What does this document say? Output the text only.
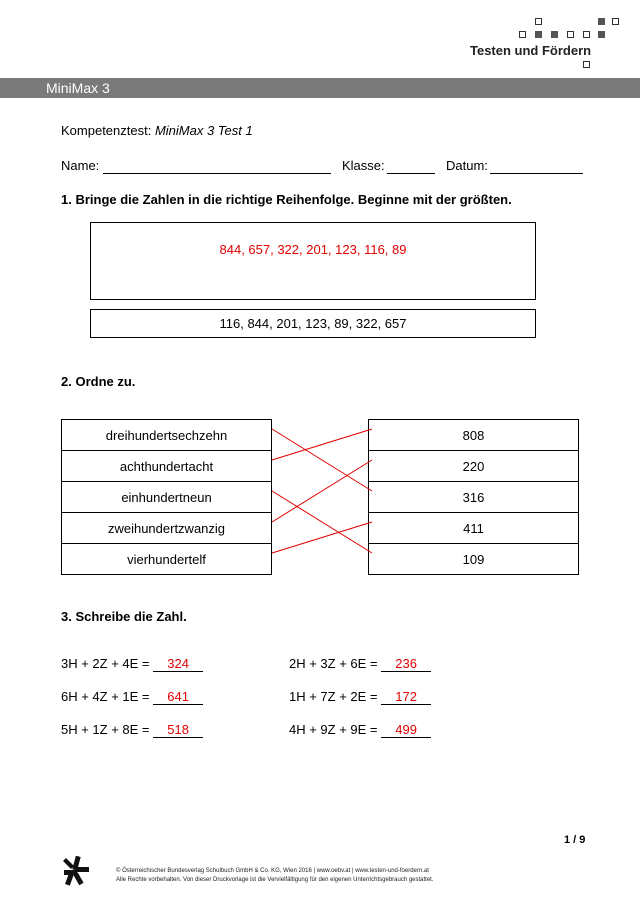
Testen und Fördern
MiniMax 3
Kompetenztest: MiniMax 3 Test 1
Name:	Klasse:	Datum:
1. Bringe die Zahlen in die richtige Reihenfolge. Beginne mit der größten.
844, 657, 322, 201, 123, 116, 89
116, 844, 201, 123, 89, 322, 657
2. Ordne zu.
dreihundertsechzehn
achthundertacht
einhundertneun
zweihundertzwanzig
vierhundertelf
808
220
316
411
109
3. Schreibe die Zahl.
3H + 2Z + 4E = 324	2H + 3Z + 6E = 236
6H + 4Z + 1E = 641	1H + 7Z + 2E = 172
5H + 1Z + 8E = 518	4H + 9Z + 9E = 499
1 / 9
© Österreichischer Bundesverlag Schulbuch GmbH & Co. KG, Wien 2016 | www.oebv.at | www.testen-und-foerdern.at
Alle Rechte vorbehalten. Von dieser Druckvorlage ist die Vervielfältigung für den eigenen Unterrichtsgebrauch gestattet.
